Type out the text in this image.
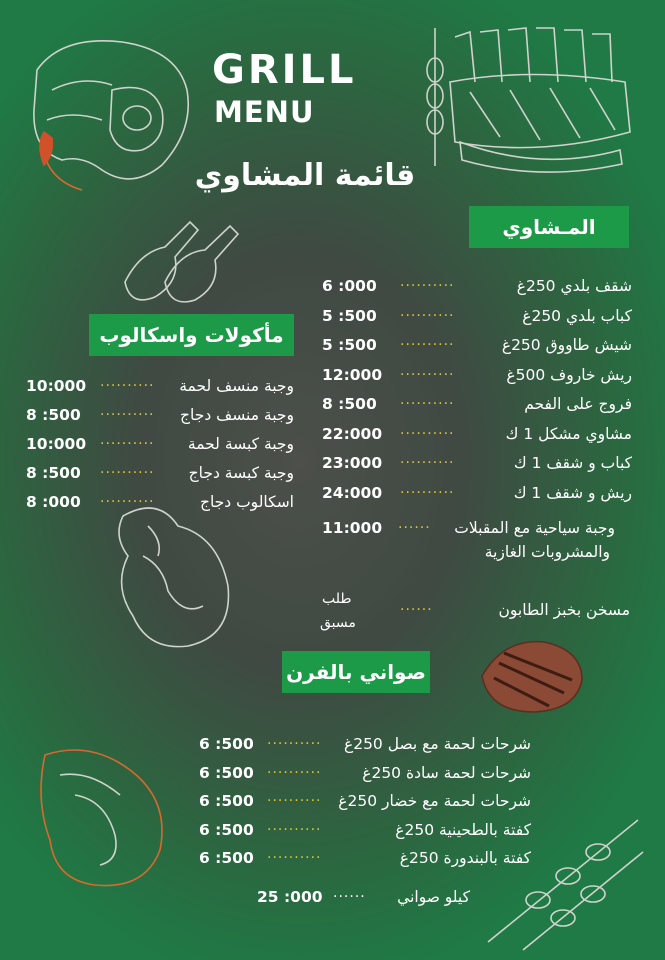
GRILL
MENU
قائمة المشاوي
المـشاوي
شقف بلدي 250غ
..........
6 :000
كباب بلدي 250غ
..........
5 :500
شيش طاووق 250غ
..........
5 :500
ريش خاروف 500غ
..........
12:000
فروج على الفحم
..........
8 :500
مشاوي مشكل 1 ك
..........
22:000
كباب و شقف 1 ك
..........
23:000
ريش و شقف 1 ك
..........
24:000
وجبة سياحية مع المقبلات
والمشروبات الغازية
......
11:000
مسخن بخبز الطابون
......
طلب
مسبق
مأكولات واسكالوب
وجبة منسف لحمة
..........
10:000
وجبة منسف دجاج
..........
8 :500
وجبة كبسة لحمة
..........
10:000
وجبة كبسة دجاج
..........
8 :500
اسكالوب دجاج
..........
8 :000
صواني بالفرن
شرحات لحمة مع بصل 250غ
..........
6 :500
شرحات لحمة سادة 250غ
..........
6 :500
شرحات لحمة مع خضار 250غ
..........
6 :500
كفتة بالطحينية 250غ
..........
6 :500
كفتة بالبندورة 250غ
..........
6 :500
كيلو صواني
......
25 :000
